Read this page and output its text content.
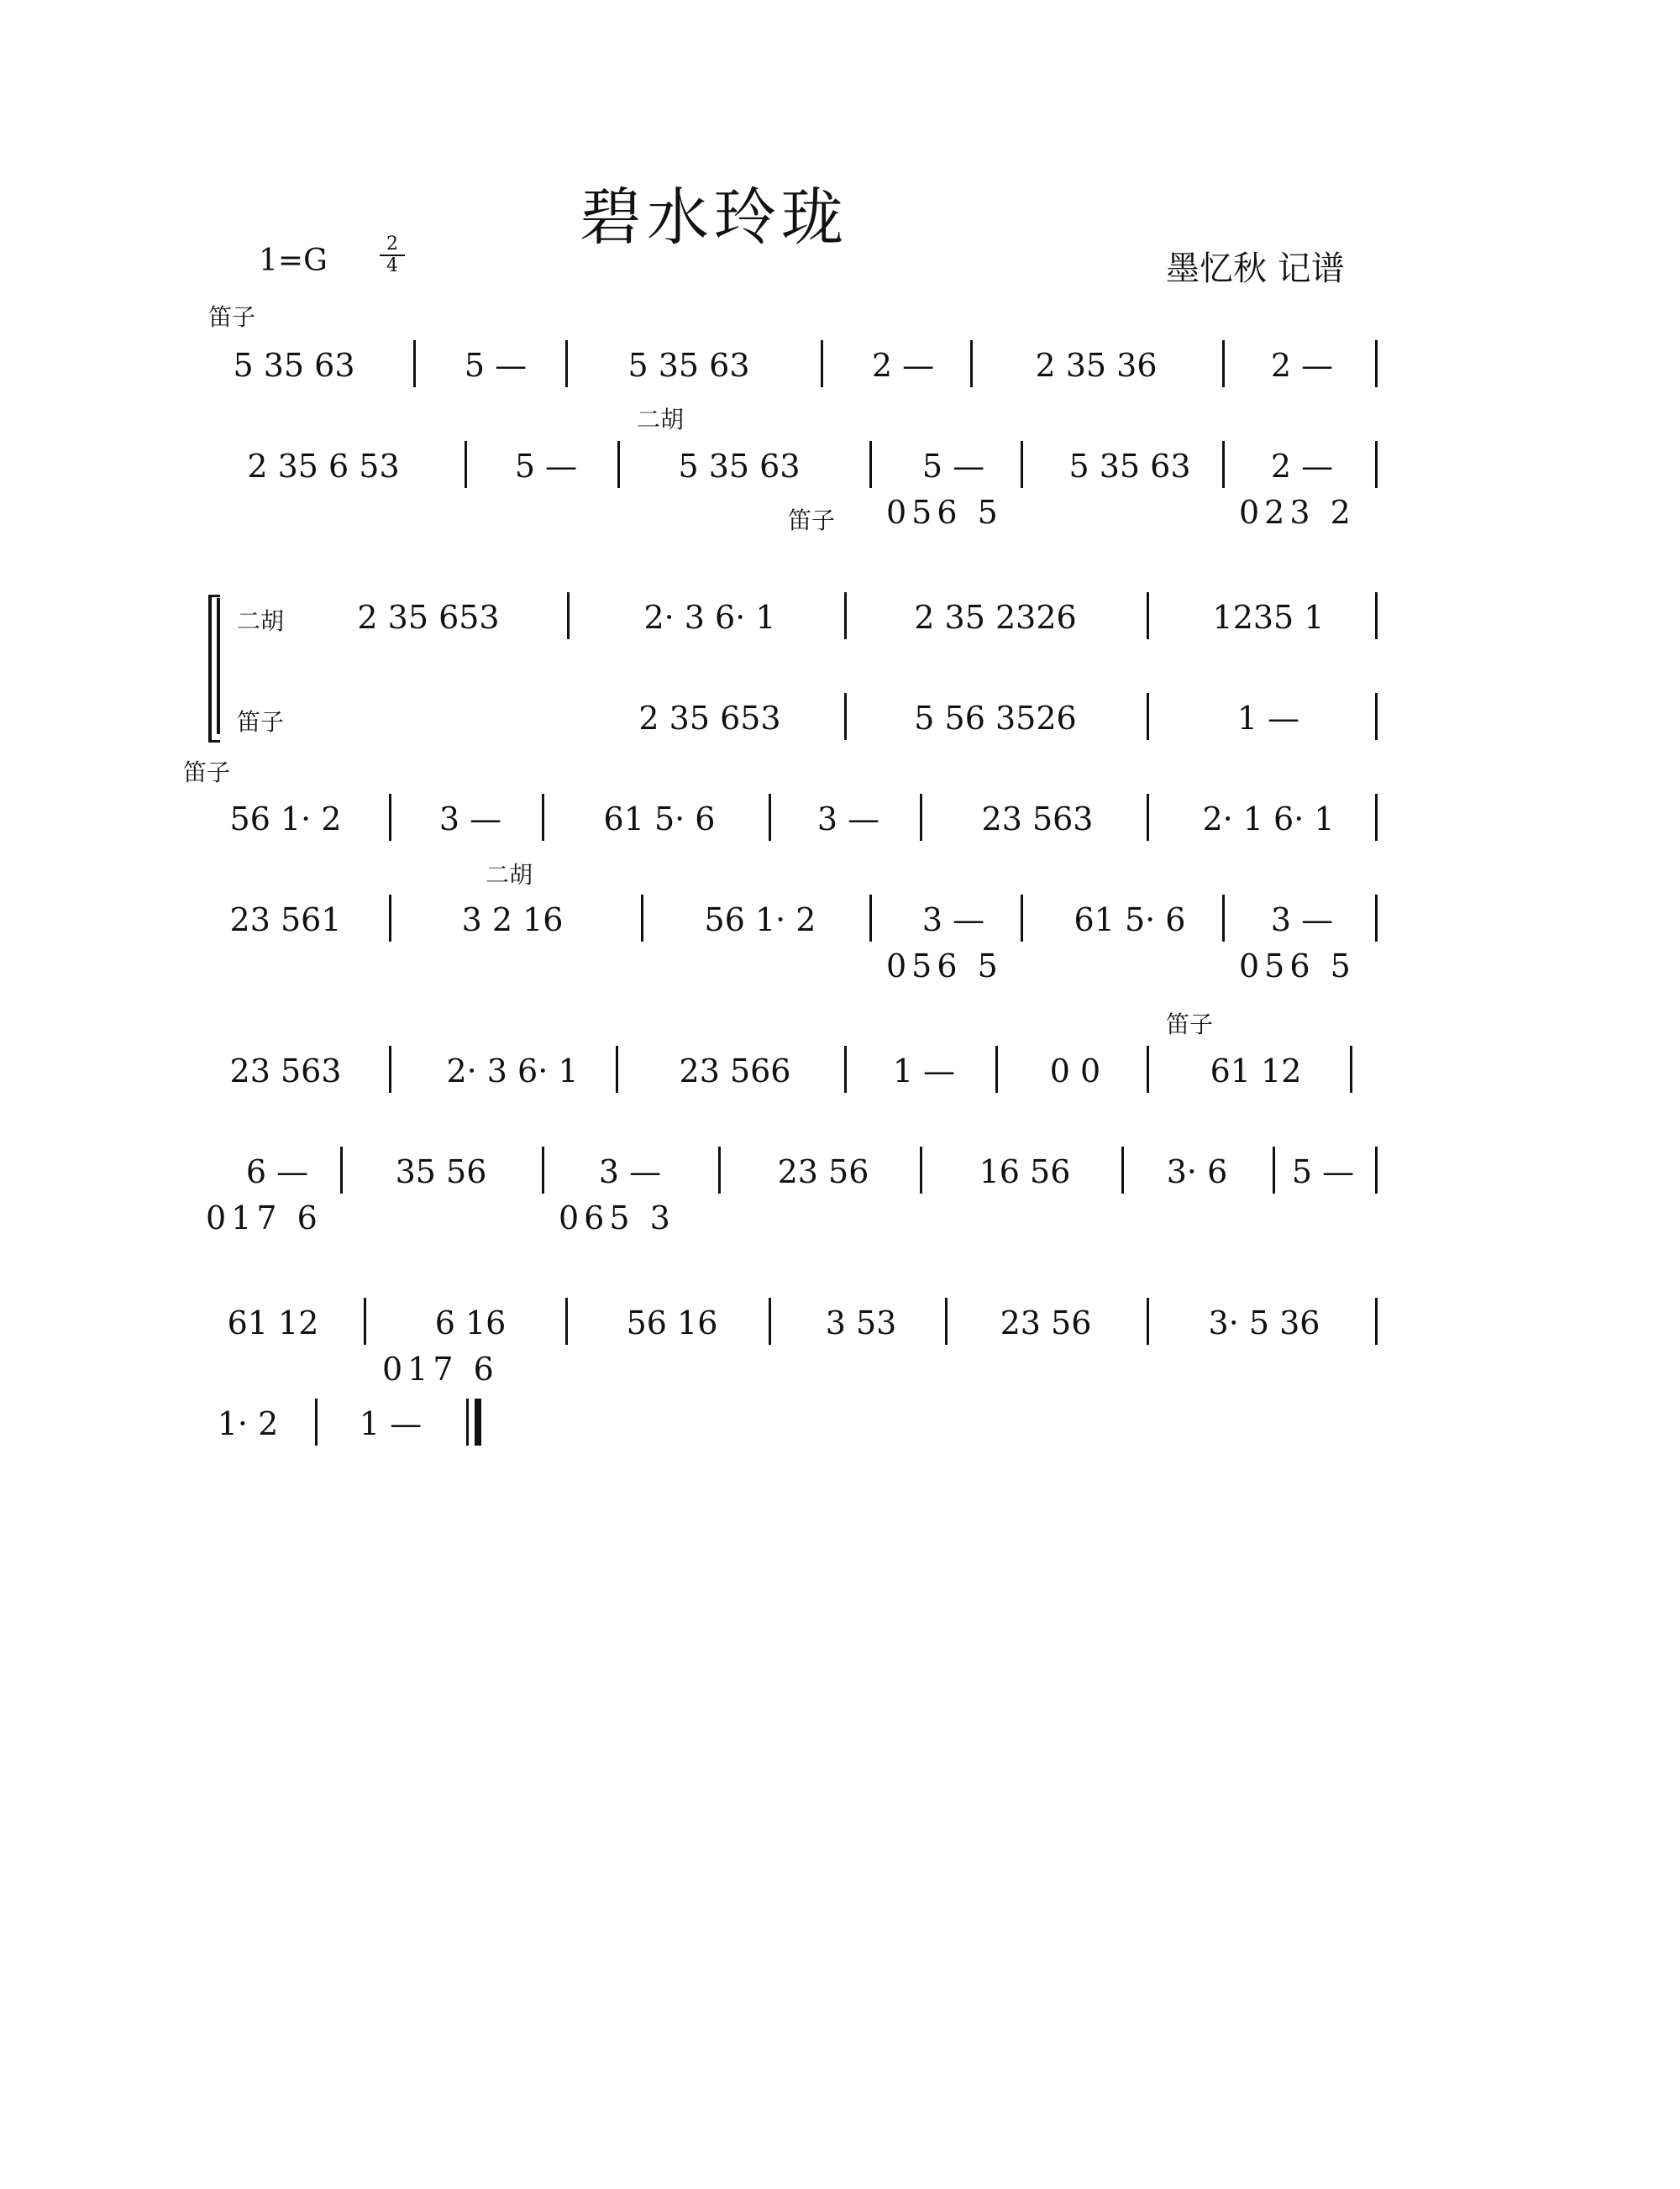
碧水玲珑
1=G	2
4	墨忆秋 记谱
笛子
二胡
笛子
二胡
笛子
笛子
二胡
笛子
5 35 63	5 —	5 35 63	2 —	2 35 36	2 —
2 35 6 53	5 —	5 35 63	5 —	5 35 63	2 —
056 5	023 2
2 35 653	2· 3 6· 1	2 35 2326	1235 1
2 35 653	5 56 3526	1 —
56 1· 2	3 —	61 5· 6	3 —	23 563	2· 1 6· 1
23 561	3 2 16	56 1· 2	3 —	61 5· 6	3 —
056 5	056 5
23 563	2· 3 6· 1	23 566	1 —	0 0	61 12
6 —	35 56	3 —	23 56	16 56	3· 6	5 —
017 6	065 3
61 12	6 16	56 16	3 53	23 56	3· 5 36
017 6
1· 2	1 —
